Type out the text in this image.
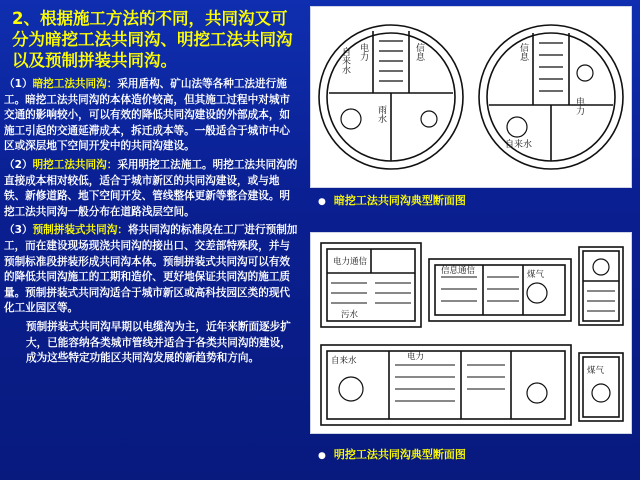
2、根据施工方法的不同，共同沟又可分为暗挖工法共同沟、明挖工法共同沟以及预制拼装共同沟。
（1）暗挖工法共同沟：采用盾构、矿山法等各种工法进行施工。暗挖工法共同沟的本体造价较高，但其施工过程中对城市交通的影响较小，可以有效的降低共同沟建设的外部成本，如施工引起的交通延滞成本，拆迁成本等。一般适合于城市中心区或深层地下空间开发中的共同沟建设。
（2）明挖工法共同沟：采用明挖工法施工。明挖工法共同沟的直接成本相对较低，适合于城市新区的共同沟建设，或与地铁、新修道路、地下空间开发、管线整体更新等整合建设。明挖工法共同沟一般分布在道路浅层空间。
（3）预制拼装式共同沟：将共同沟的标准段在工厂进行预制加工，而在建设现场现浇共同沟的接出口、交差部特殊段，并与预制标准段拼装形成共同沟本体。预制拼装式共同沟可以有效的降低共同沟施工的工期和造价、更好地保证共同沟的施工质量。预制拼装式共同沟适合于城市新区或高科技园区类的现代化工业园区等。
预制拼装式共同沟早期以电缆沟为主，近年来断面逐步扩大，已能容纳各类城市管线并适合于各类共同沟的建设，成为这些特定功能区共同沟发展的新趋势和方向。
自来水 电力	信息
雨水
信息
电力
自来水
● 暗挖工法共同沟典型断面图
电力通信
污水
信息通信	煤气
自来水	电力
煤气
● 明挖工法共同沟典型断面图
